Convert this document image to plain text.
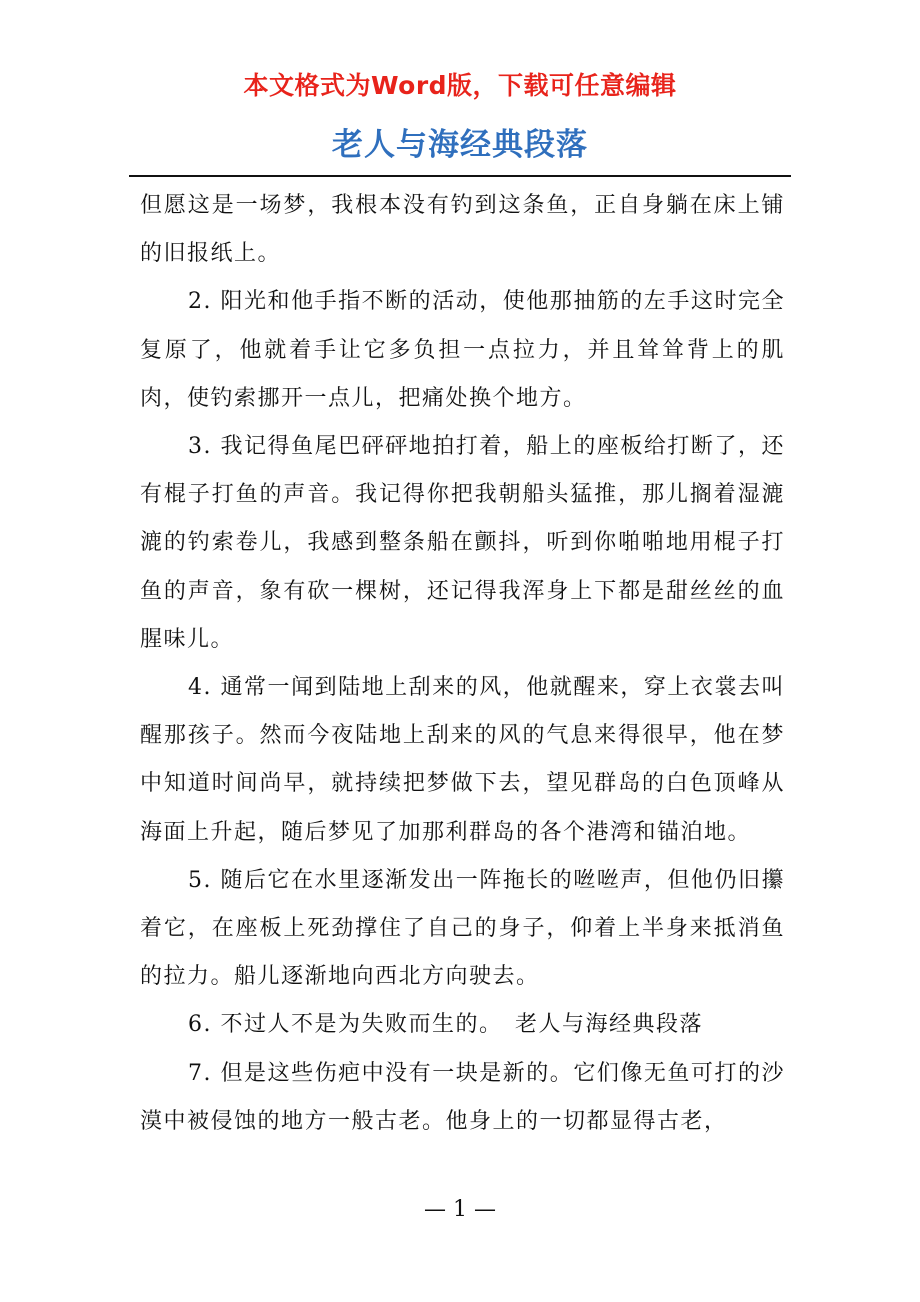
本文格式为Word版，下载可任意编辑
老人与海经典段落

但愿这是一场梦，我根本没有钓到这条鱼，正自身躺在床上铺的旧报纸上。

2. 阳光和他手指不断的活动，使他那抽筋的左手这时完全复原了，他就着手让它多负担一点拉力，并且耸耸背上的肌肉，使钓索挪开一点儿，把痛处换个地方。

3. 我记得鱼尾巴砰砰地拍打着，船上的座板给打断了，还有棍子打鱼的声音。我记得你把我朝船头猛推，那儿搁着湿漉漉的钓索卷儿，我感到整条船在颤抖，听到你啪啪地用棍子打鱼的声音，象有砍一棵树，还记得我浑身上下都是甜丝丝的血腥味儿。

4. 通常一闻到陆地上刮来的风，他就醒来，穿上衣裳去叫醒那孩子。然而今夜陆地上刮来的风的气息来得很早，他在梦中知道时间尚早，就持续把梦做下去，望见群岛的白色顶峰从海面上升起，随后梦见了加那利群岛的各个港湾和锚泊地。

5. 随后它在水里逐渐发出一阵拖长的咝咝声，但他仍旧攥着它，在座板上死劲撑住了自己的身子，仰着上半身来抵消鱼的拉力。船儿逐渐地向西北方向驶去。

6. 不过人不是为失败而生的。　老人与海经典段落

7. 但是这些伤疤中没有一块是新的。它们像无鱼可打的沙漠中被侵蚀的地方一般古老。他身上的一切都显得古老，

— 1 —
